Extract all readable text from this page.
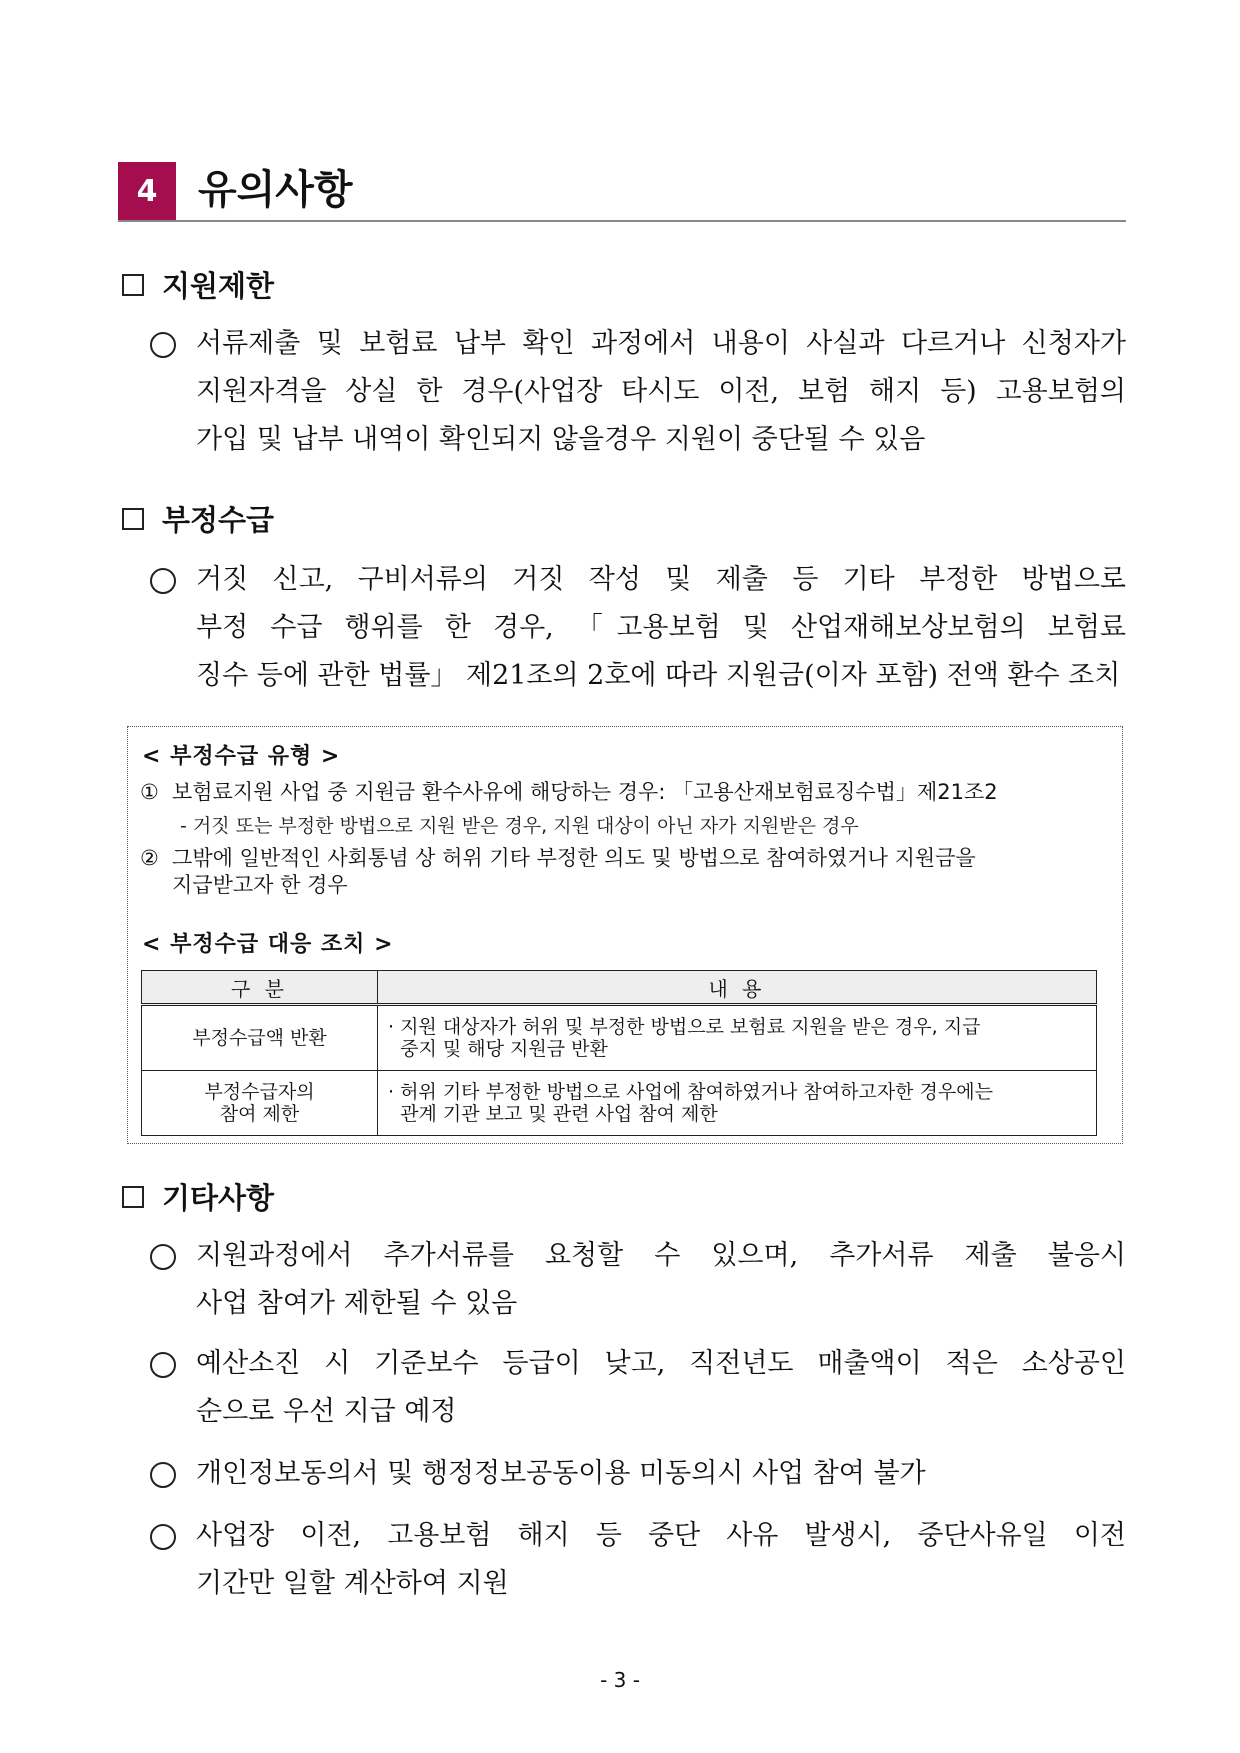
4	유의사항
지원제한
서류제출 및 보험료 납부 확인 과정에서 내용이 사실과 다르거나 신청자가
지원자격을 상실 한 경우(사업장 타시도 이전, 보험 해지 등) 고용보험의
가입 및 납부 내역이 확인되지 않을경우 지원이 중단될 수 있음
부정수급
거짓 신고, 구비서류의 거짓 작성 및 제출 등 기타 부정한 방법으로
부정 수급 행위를 한 경우, 「고용보험 및 산업재해보상보험의 보험료
징수 등에 관한 법률」 제21조의 2호에 따라 지원금(이자 포함) 전액 환수 조치
< 부정수급 유형 >
① 보험료지원 사업 중 지원금 환수사유에 해당하는 경우: 「고용산재보험료징수법」제21조2
- 거짓 또는 부정한 방법으로 지원 받은 경우, 지원 대상이 아닌 자가 지원받은 경우
② 그밖에 일반적인 사회통념 상 허위 기타 부정한 의도 및 방법으로 참여하였거나 지원금을
지급받고자 한 경우
< 부정수급 대응 조치 >
구 분	내 용
부정수급액 반환	· 지원 대상자가 허위 및 부정한 방법으로 보험료 지원을 받은 경우, 지급
중지 및 해당 지원금 반환
부정수급자의
참여 제한	· 허위 기타 부정한 방법으로 사업에 참여하였거나 참여하고자한 경우에는
관계 기관 보고 및 관련 사업 참여 제한
기타사항
지원과정에서 추가서류를 요청할 수 있으며, 추가서류 제출 불응시
사업 참여가 제한될 수 있음
예산소진 시 기준보수 등급이 낮고, 직전년도 매출액이 적은 소상공인
순으로 우선 지급 예정
개인정보동의서 및 행정정보공동이용 미동의시 사업 참여 불가
사업장 이전, 고용보험 해지 등 중단 사유 발생시, 중단사유일 이전
기간만 일할 계산하여 지원
- 3 -
